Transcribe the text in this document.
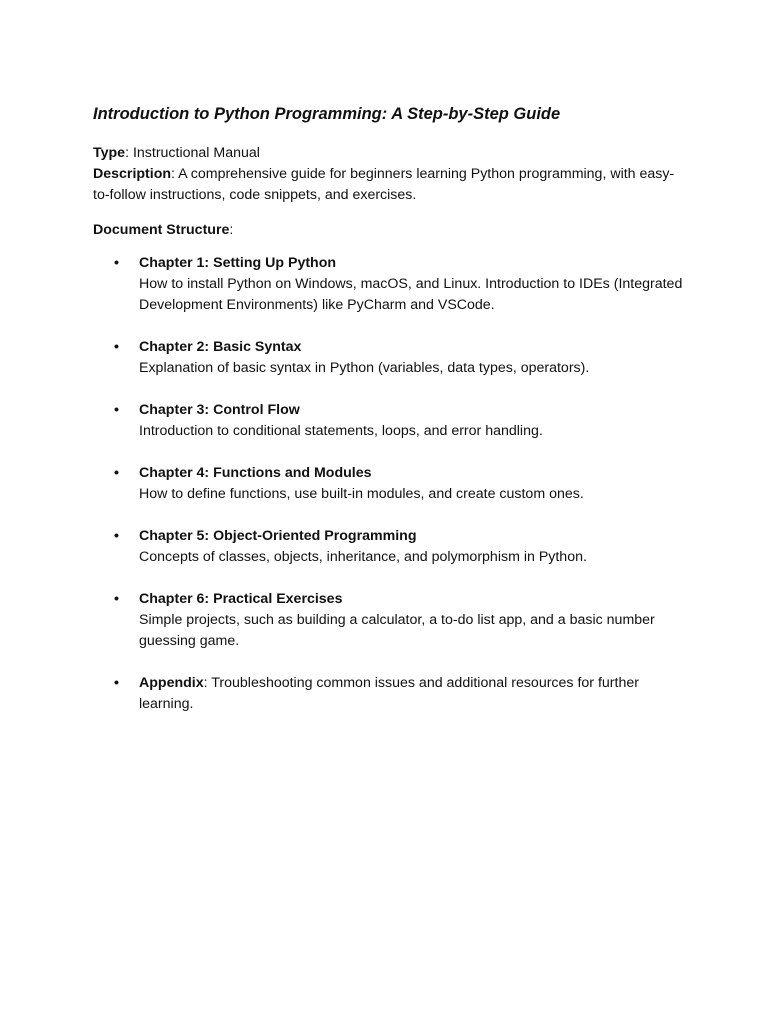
Introduction to Python Programming: A Step-by-Step Guide

Type: Instructional Manual

Description: A comprehensive guide for beginners learning Python programming, with easy-to-follow instructions, code snippets, and exercises.

Document Structure:

• Chapter 1: Setting Up Python
How to install Python on Windows, macOS, and Linux. Introduction to IDEs (Integrated Development Environments) like PyCharm and VSCode.
• Chapter 2: Basic Syntax
Explanation of basic syntax in Python (variables, data types, operators).
• Chapter 3: Control Flow
Introduction to conditional statements, loops, and error handling.
• Chapter 4: Functions and Modules
How to define functions, use built-in modules, and create custom ones.
• Chapter 5: Object-Oriented Programming
Concepts of classes, objects, inheritance, and polymorphism in Python.
• Chapter 6: Practical Exercises
Simple projects, such as building a calculator, a to-do list app, and a basic number guessing game.
• Appendix: Troubleshooting common issues and additional resources for further learning.
